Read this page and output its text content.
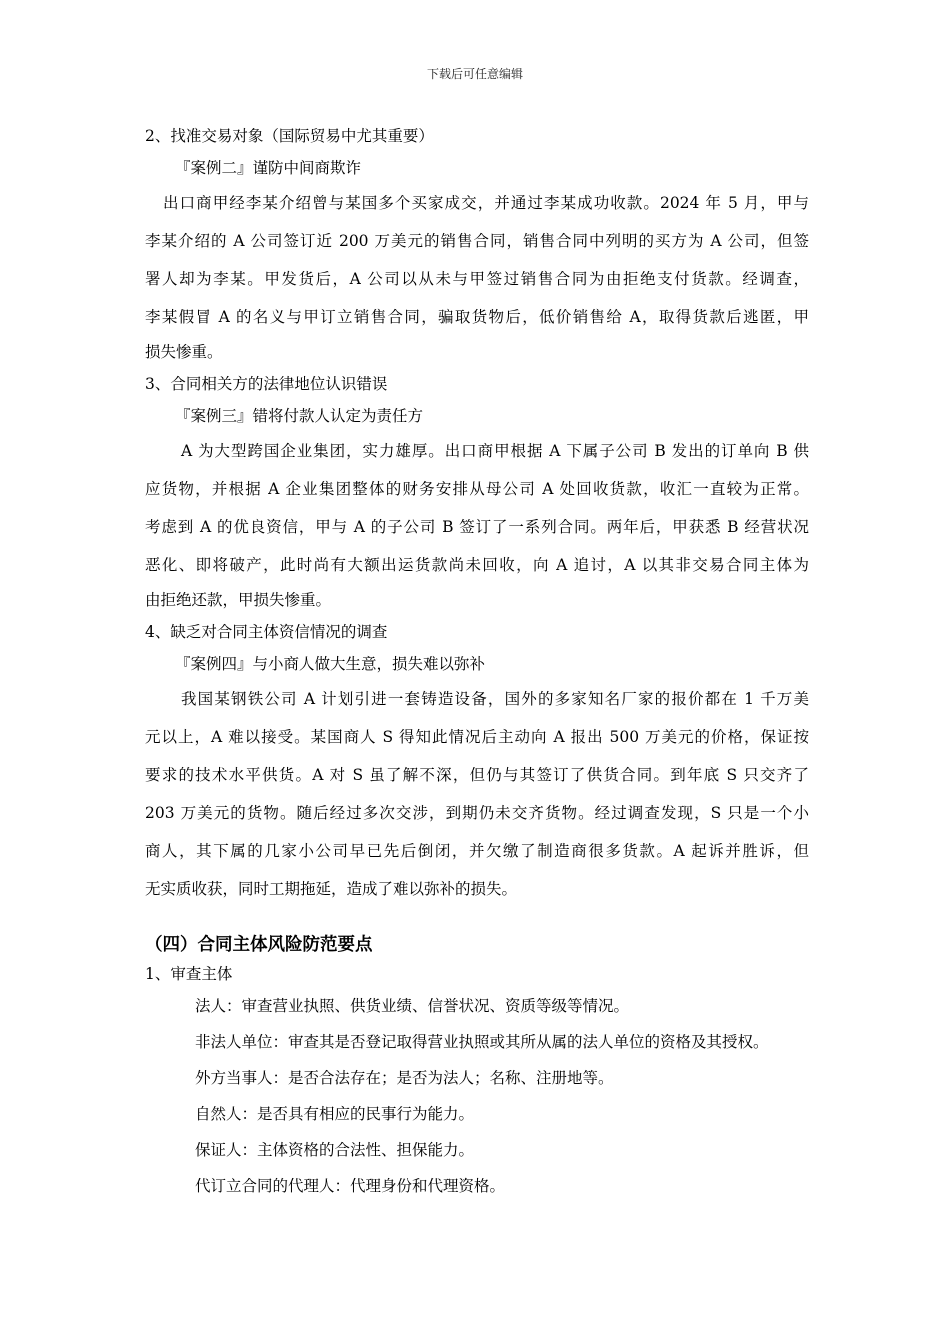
下载后可任意编辑
2、找准交易对象（国际贸易中尤其重要）
『案例二』谨防中间商欺诈
出口商甲经李某介绍曾与某国多个买家成交，并通过李某成功收款。2024 年 5 月，甲与
李某介绍的 A 公司签订近 200 万美元的销售合同，销售合同中列明的买方为 A 公司，但签
署人却为李某。甲发货后，A 公司以从未与甲签过销售合同为由拒绝支付货款。经调查，
李某假冒 A 的名义与甲订立销售合同，骗取货物后，低价销售给 A，取得货款后逃匿，甲
损失惨重。
3、合同相关方的法律地位认识错误
『案例三』错将付款人认定为责任方
A 为大型跨国企业集团，实力雄厚。出口商甲根据 A 下属子公司 B 发出的订单向 B 供
应货物，并根据 A 企业集团整体的财务安排从母公司 A 处回收货款，收汇一直较为正常。
考虑到 A 的优良资信，甲与 A 的子公司 B 签订了一系列合同。两年后，甲获悉 B 经营状况
恶化、即将破产，此时尚有大额出运货款尚未回收，向 A 追讨，A 以其非交易合同主体为
由拒绝还款，甲损失惨重。
4、缺乏对合同主体资信情况的调查
『案例四』与小商人做大生意，损失难以弥补
我国某钢铁公司 A 计划引进一套铸造设备，国外的多家知名厂家的报价都在 1 千万美
元以上，A 难以接受。某国商人 S 得知此情况后主动向 A 报出 500 万美元的价格，保证按
要求的技术水平供货。A 对 S 虽了解不深，但仍与其签订了供货合同。到年底 S 只交齐了
203 万美元的货物。随后经过多次交涉，到期仍未交齐货物。经过调查发现，S 只是一个小
商人，其下属的几家小公司早已先后倒闭，并欠缴了制造商很多货款。A 起诉并胜诉，但
无实质收获，同时工期拖延，造成了难以弥补的损失。
（四）合同主体风险防范要点
1、审查主体
法人：审查营业执照、供货业绩、信誉状况、资质等级等情况。
非法人单位：审查其是否登记取得营业执照或其所从属的法人单位的资格及其授权。
外方当事人：是否合法存在；是否为法人；名称、注册地等。
自然人：是否具有相应的民事行为能力。
保证人：主体资格的合法性、担保能力。
代订立合同的代理人：代理身份和代理资格。
